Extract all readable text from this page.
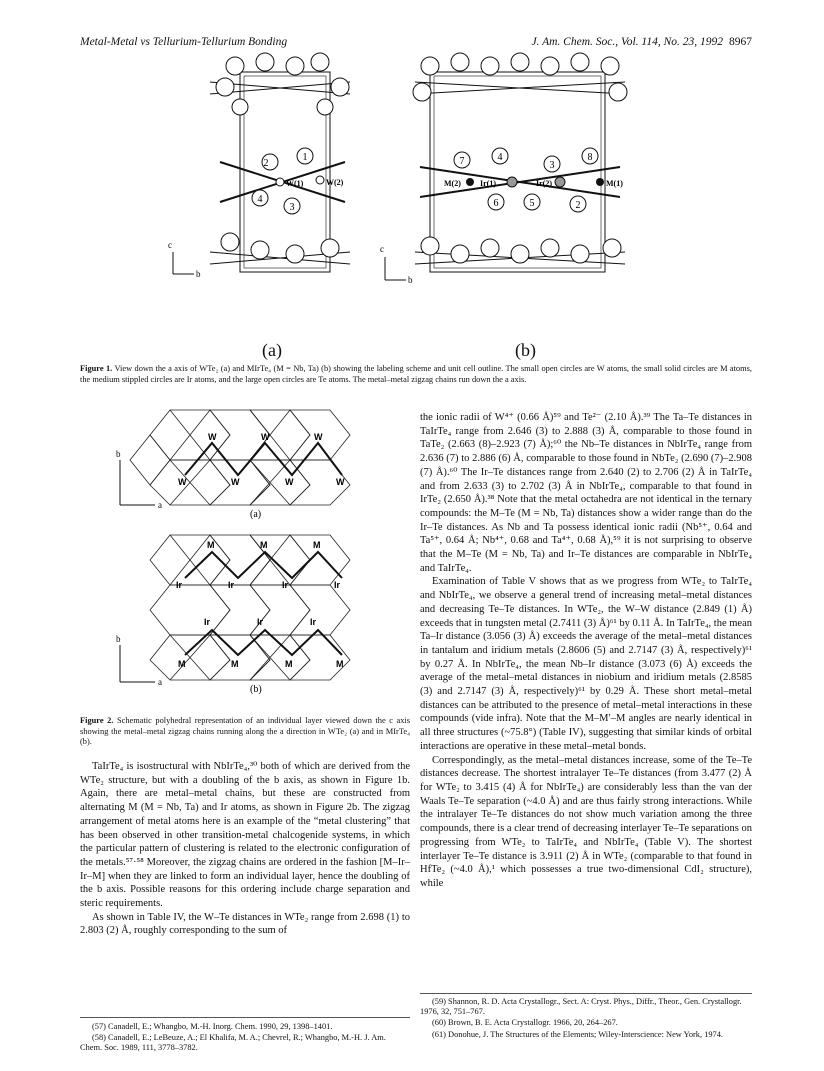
Metal-Metal vs Tellurium-Tellurium Bonding	J. Am. Chem. Soc., Vol. 114, No. 23, 1992 8967
2
1
4
3
W(1)	W(2)
c
b
7	4
3
8
6	5	2
M(2) Ir(1)	Ir(2)	M(1)
c
b
(a)	(b)
Figure 1. View down the a axis of WTe₂ (a) and MIrTe₄ (M = Nb, Ta) (b) showing the labeling scheme and unit cell outline. The small open circles are W atoms, the small solid circles are M atoms, the medium stippled circles are Ir atoms, and the large open circles are Te atoms. The metal–metal zigzag chains run down the a axis.
W	W	W
W	W	W	W
b
a
(a)
M	M	M
Ir	Ir	Ir	Ir
Ir	Ir	Ir
M	M	M	M
b
a
(b)
Figure 2. Schematic polyhedral representation of an individual layer viewed down the c axis showing the metal–metal zigzag chains running along the a direction in WTe₂ (a) and in MIrTe₄ (b).

TaIrTe₄ is isostructural with NbIrTe₄,³⁰ both of which are derived from the WTe₂ structure, but with a doubling of the b axis, as shown in Figure 1b. Again, there are metal–metal chains, but these are constructed from alternating M (M = Nb, Ta) and Ir atoms, as shown in Figure 2b. The zigzag arrangement of metal atoms here is an example of the “metal clustering” that has been observed in other transition-metal chalcogenide systems, in which the particular pattern of clustering is related to the electronic configuration of the metals.⁵⁷·⁵⁸ Moreover, the zigzag chains are ordered in the fashion [M–Ir–Ir–M] when they are linked to form an individual layer, hence the doubling of the b axis. Possible reasons for this ordering include charge separation and steric requirements.

As shown in Table IV, the W–Te distances in WTe₂ range from 2.698 (1) to 2.803 (2) Å, roughly corresponding to the sum of

the ionic radii of W⁴⁺ (0.66 Å)⁵⁹ and Te²⁻ (2.10 Å).³⁹ The Ta–Te distances in TaIrTe₄ range from 2.646 (3) to 2.888 (3) Å, comparable to those found in TaTe₂ (2.663 (8)–2.923 (7) Å);⁶⁰ the Nb–Te distances in NbIrTe₄ range from 2.636 (7) to 2.886 (6) Å, comparable to those found in NbTe₂ (2.690 (7)–2.908 (7) Å).⁶⁰ The Ir–Te distances range from 2.640 (2) to 2.706 (2) Å in TaIrTe₄ and from 2.633 (3) to 2.702 (3) Å in NbIrTe₄, comparable to that found in IrTe₂ (2.650 Å).³⁸ Note that the metal octahedra are not identical in the ternary compounds: the M–Te (M = Nb, Ta) distances show a wider range than do the Ir–Te distances. As Nb and Ta possess identical ionic radii (Nb⁵⁺, 0.64 and Ta⁵⁺, 0.64 Å; Nb⁴⁺, 0.68 and Ta⁴⁺, 0.68 Å),⁵⁹ it is not surprising to observe that the M–Te (M = Nb, Ta) and Ir–Te distances are comparable in NbIrTe₄ and TaIrTe₄.

Examination of Table V shows that as we progress from WTe₂ to TaIrTe₄ and NbIrTe₄, we observe a general trend of increasing metal–metal distances and decreasing Te–Te distances. In WTe₂, the W–W distance (2.849 (1) Å) exceeds that in tungsten metal (2.7411 (3) Å)⁶¹ by 0.11 Å. In TaIrTe₄, the mean Ta–Ir distance (3.056 (3) Å) exceeds the average of the metal–metal distances in tantalum and iridium metals (2.8606 (5) and 2.7147 (3) Å, respectively)⁶¹ by 0.27 Å. In NbIrTe₄, the mean Nb–Ir distance (3.073 (6) Å) exceeds the average of the metal–metal distances in niobium and iridium metals (2.8585 (3) and 2.7147 (3) Å, respectively)⁶¹ by 0.29 Å. These short metal–metal distances can be attributed to the presence of metal–metal interactions in these compounds (vide infra). Note that the M–M′–M angles are nearly identical in all three structures (~75.8°) (Table IV), suggesting that similar kinds of orbital interactions are operative in these metal–metal bonds.

Correspondingly, as the metal–metal distances increase, some of the Te–Te distances decrease. The shortest intralayer Te–Te distances (from 3.477 (2) Å for WTe₂ to 3.415 (4) Å for NbIrTe₄) are considerably less than the van der Waals Te–Te separation (~4.0 Å) and are thus fairly strong interactions. While the intralayer Te–Te distances do not show much variation among the three compounds, there is a clear trend of decreasing interlayer Te–Te separations on progressing from WTe₂ to TaIrTe₄ and NbIrTe₄ (Table V). The shortest interlayer Te–Te distance is 3.911 (2) Å in WTe₂ (comparable to that found in HfTe₂ (~4.0 Å),¹ which possesses a true two-dimensional CdI₂ structure), while

(57) Canadell, E.; Whangbo, M.-H. Inorg. Chem. 1990, 29, 1398–1401.
(58) Canadell, E.; LeBeuze, A.; El Khalifa, M. A.; Chevrel, R.; Whangbo, M.-H. J. Am. Chem. Soc. 1989, 111, 3778–3782.
(59) Shannon, R. D. Acta Crystallogr., Sect. A: Cryst. Phys., Diffr., Theor., Gen. Crystallogr. 1976, 32, 751–767.
(60) Brown, B. E. Acta Crystallogr. 1966, 20, 264–267.
(61) Donohue, J. The Structures of the Elements; Wiley-Interscience: New York, 1974.
